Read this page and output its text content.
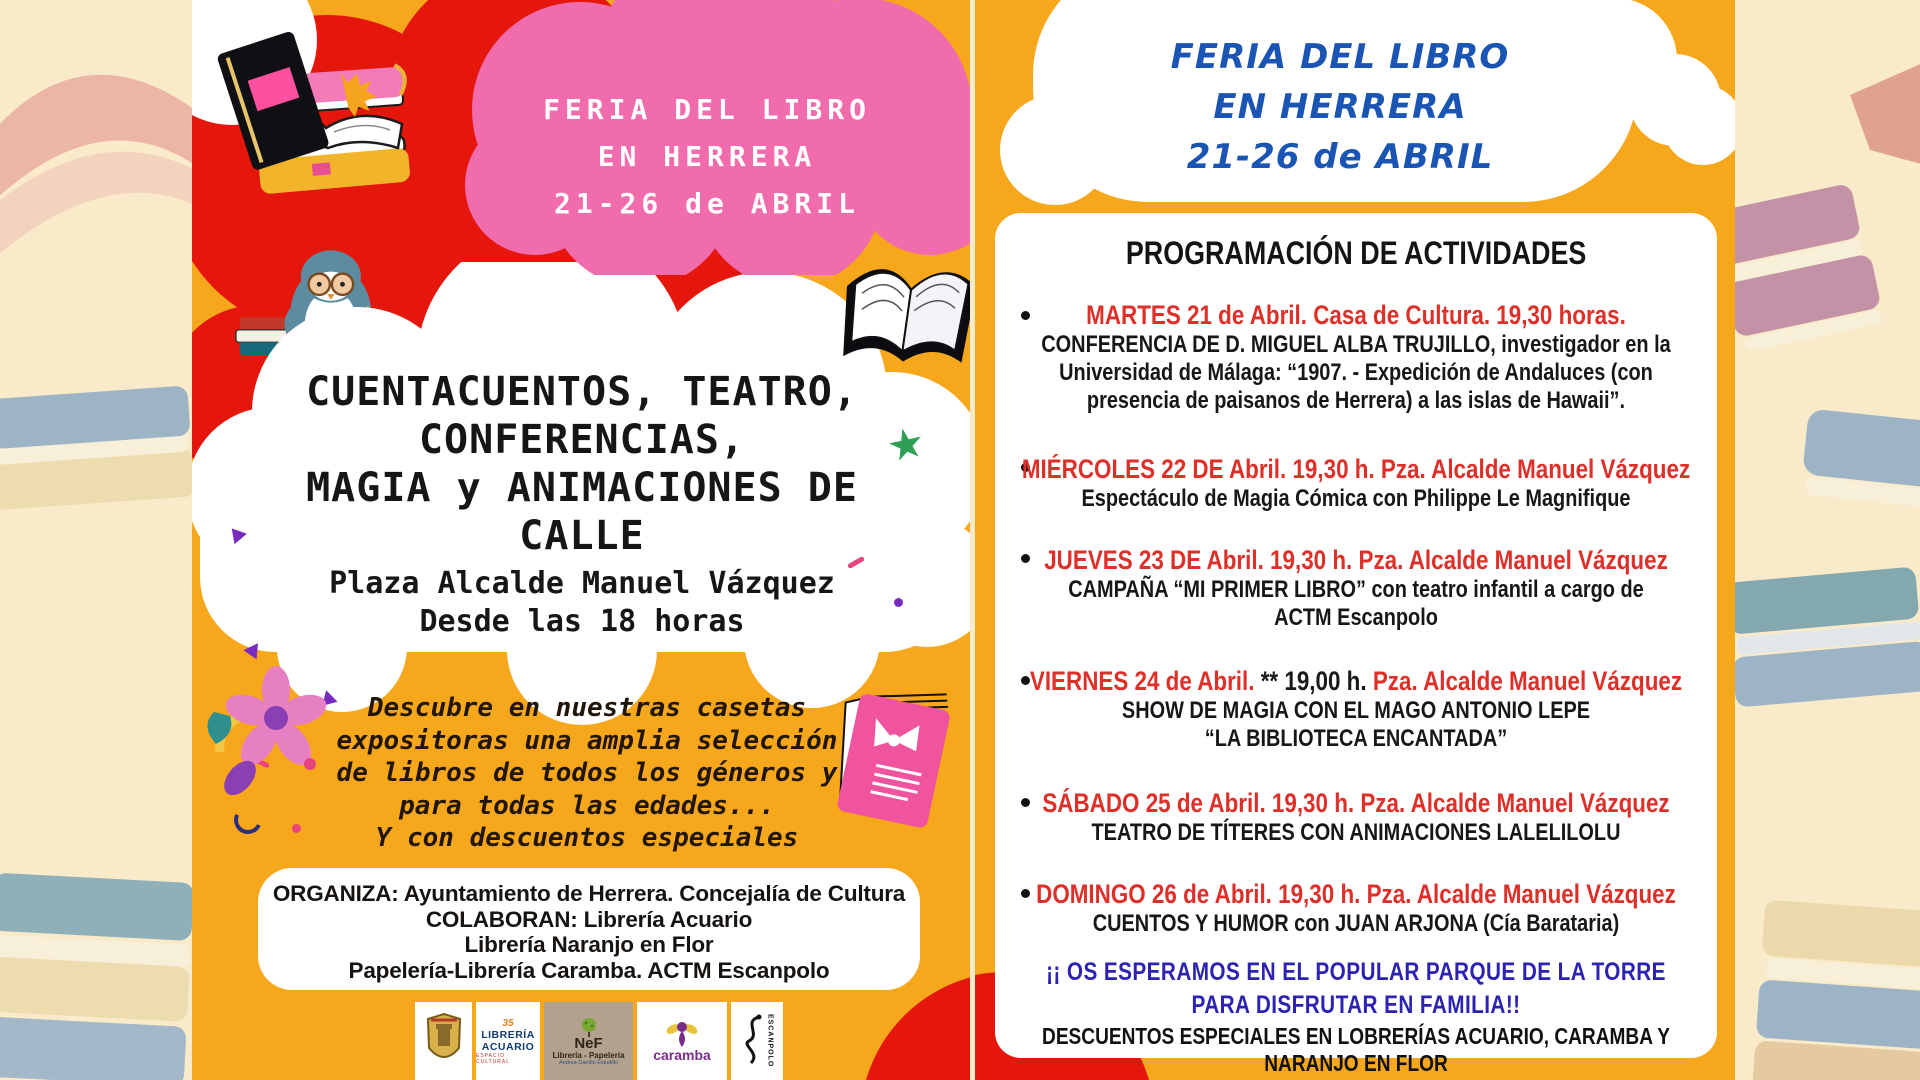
FERIA DEL LIBRO
EN HERRERA
21-26 de ABRIL
CUENTACUENTOS, TEATRO,
CONFERENCIAS,
MAGIA y ANIMACIONES DE
CALLE
Plaza Alcalde Manuel Vázquez
Desde las 18 horas
Descubre en nuestras casetas
expositoras una amplia selección
de libros de todos los géneros y
para todas las edades...
Y con descuentos especiales
ORGANIZA: Ayuntamiento de Herrera. Concejalía de Cultura
COLABORAN: Librería Acuario
Librería Naranjo en Flor
Papelería-Librería Caramba. ACTM Escanpolo
35
LIBRERÍA
ACUARIO
ESPACIO CULTURAL
NeF
Librería - Papelería
Andrea Carrillo Estudillo	caramba	ESCANPOLO
FERIA DEL LIBRO
EN HERRERA
21-26 de ABRIL
PROGRAMACIÓN DE ACTIVIDADES
MARTES 21 de Abril. Casa de Cultura. 19,30 horas.
CONFERENCIA DE D. MIGUEL ALBA TRUJILLO, investigador en la Universidad de Málaga: “1907. - Expedición de Andaluces (con presencia de paisanos de Herrera) a las islas de Hawaii”.
MIÉRCOLES 22 DE Abril. 19,30 h. Pza. Alcalde Manuel Vázquez
Espectáculo de Magia Cómica con Philippe Le Magnifique
JUEVES 23 DE Abril. 19,30 h. Pza. Alcalde Manuel Vázquez
CAMPAÑA “MI PRIMER LIBRO” con teatro infantil a cargo de
ACTM Escanpolo
VIERNES 24 de Abril. ** 19,00 h. Pza. Alcalde Manuel Vázquez
SHOW DE MAGIA CON EL MAGO ANTONIO LEPE
“LA BIBLIOTECA ENCANTADA”
SÁBADO 25 de Abril. 19,30 h. Pza. Alcalde Manuel Vázquez
TEATRO DE TÍTERES CON ANIMACIONES LALELILOLU
DOMINGO 26 de Abril. 19,30 h. Pza. Alcalde Manuel Vázquez
CUENTOS Y HUMOR con JUAN ARJONA (Cía Barataria)
¡¡ OS ESPERAMOS EN EL POPULAR PARQUE DE LA TORRE
PARA DISFRUTAR EN FAMILIA!!
DESCUENTOS ESPECIALES EN LOBRERÍAS ACUARIO, CARAMBA Y NARANJO EN FLOR
